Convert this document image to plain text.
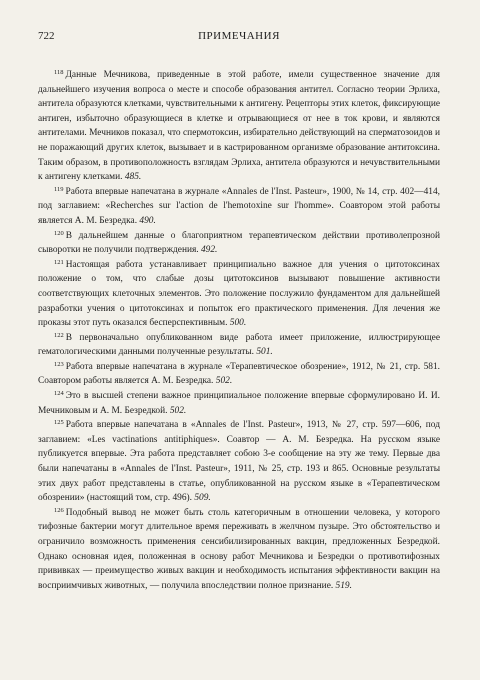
722	ПРИМЕЧАНИЯ

$^{118}$ Данные Мечникова, приведенные в этой работе, имели существенное значение для дальнейшего изучения вопроса о месте и способе образования антител. Согласно теории Эрлиха, антитела образуются клетками, чувствительными к антигену. Рецепторы этих клеток, фиксирующие антиген, избыточно образующиеся в клетке и отрывающиеся от нее в ток крови, и являются антителами. Мечников показал, что спермотоксин, избирательно действующий на сперматозоидов и не поражающий других клеток, вызывает и в кастрированном организме образование антитоксина. Таким образом, в противоположность взглядам Эрлиха, антитела образуются и нечувствительными к антигену клетками. 485.

$^{119}$ Работа впервые напечатана в журнале «Annales de l'Inst. Pasteur», 1900, № 14, стр. 402—414, под заглавием: «Recherches sur l'action de l'hemotoxine sur l'homme». Соавтором этой работы является А. М. Безредка. 490.

$^{120}$ В дальнейшем данные о благоприятном терапевтическом действии противолепрозной сыворотки не получили подтверждения. 492.

$^{121}$ Настоящая работа устанавливает принципиально важное для учения о цитотоксинах положение о том, что слабые дозы цитотоксинов вызывают повышение активности соответствующих клеточных элементов. Это положение послужило фундаментом для дальнейшей разработки учения о цитотоксинах и попыток его практического применения. Для лечения же проказы этот путь оказался бесперспективным. 500.

$^{122}$ В первоначально опубликованном виде работа имеет приложение, иллюстрирующее гематологическими данными полученные результаты. 501.

$^{123}$ Работа впервые напечатана в журнале «Терапевтическое обозрение», 1912, № 21, стр. 581. Соавтором работы является А. М. Безредка. 502.

$^{124}$ Это в высшей степени важное принципиальное положение впервые сформулировано И. И. Мечниковым и А. М. Безредкой. 502.

$^{125}$ Работа впервые напечатана в «Annales de l'Inst. Pasteur», 1913, № 27, стр. 597—606, под заглавием: «Les vactinations antitiphiques». Соавтор — А. М. Безредка. На русском языке публикуется впервые. Эта работа представляет собою 3-е сообщение на эту же тему. Первые два были напечатаны в «Annales de l'Inst. Pasteur», 1911, № 25, стр. 193 и 865. Основные результаты этих двух работ представлены в статье, опубликованной на русском языке в «Терапевтическом обозрении» (настоящий том, стр. 496). 509.

$^{126}$ Подобный вывод не может быть столь категоричным в отношении человека, у которого тифозные бактерии могут длительное время переживать в желчном пузыре. Это обстоятельство и ограничило возможность применения сенсибилизированных вакцин, предложенных Безредкой. Однако основная идея, положенная в основу работ Мечникова и Безредки о противотифозных прививках — преимущество живых вакцин и необходимость испытания эффективности вакцин на восприимчивых животных, — получила впоследствии полное признание. 519.
